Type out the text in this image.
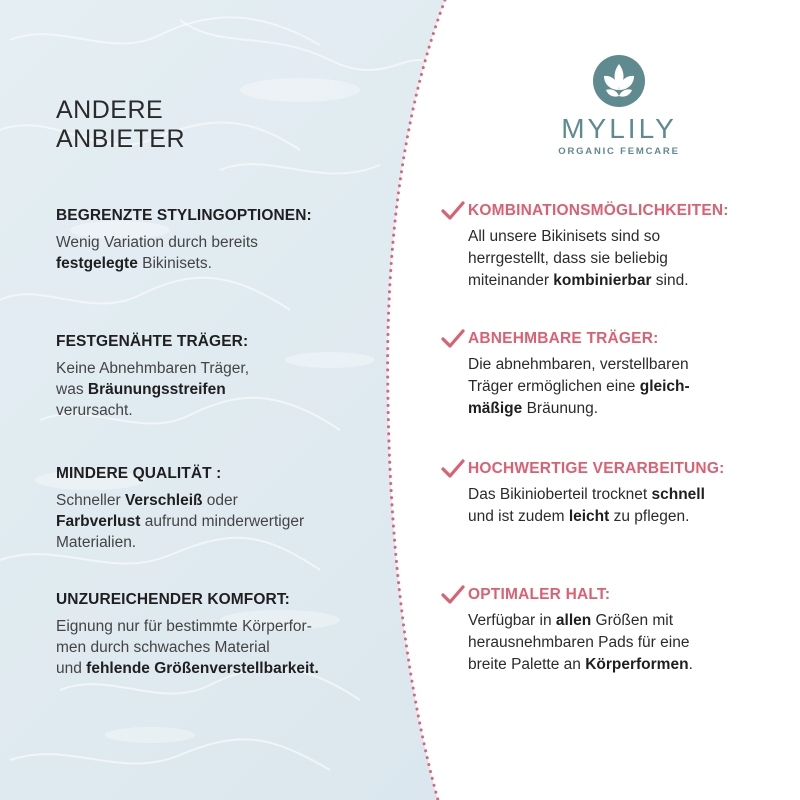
ANDERE
ANBIETER
BEGRENZTE STYLINGOPTIONEN:
Wenig Variation durch bereits
festgelegte Bikinisets.
FESTGENÄHTE TRÄGER:
Keine Abnehmbaren Träger,
was Bräunungsstreifen
verursacht.
MINDERE QUALITÄT :
Schneller Verschleiß oder
Farbverlust aufrund minderwertiger
Materialien.
UNZUREICHENDER KOMFORT:
Eignung nur für bestimmte Körperfor-
men durch schwaches Material
und fehlende Größenverstellbarkeit.
MYLILY
ORGANIC FEMCARE
KOMBINATIONSMÖGLICHKEITEN:
All unsere Bikinisets sind so
herrgestellt, dass sie beliebig
miteinander kombinierbar sind.
ABNEHMBARE TRÄGER:
Die abnehmbaren, verstellbaren
Träger ermöglichen eine gleich-
mäßige Bräunung.
HOCHWERTIGE VERARBEITUNG:
Das Bikinioberteil trocknet schnell
und ist zudem leicht zu pflegen.
OPTIMALER HALT:
Verfügbar in allen Größen mit
herausnehmbaren Pads für eine
breite Palette an Körperformen.
